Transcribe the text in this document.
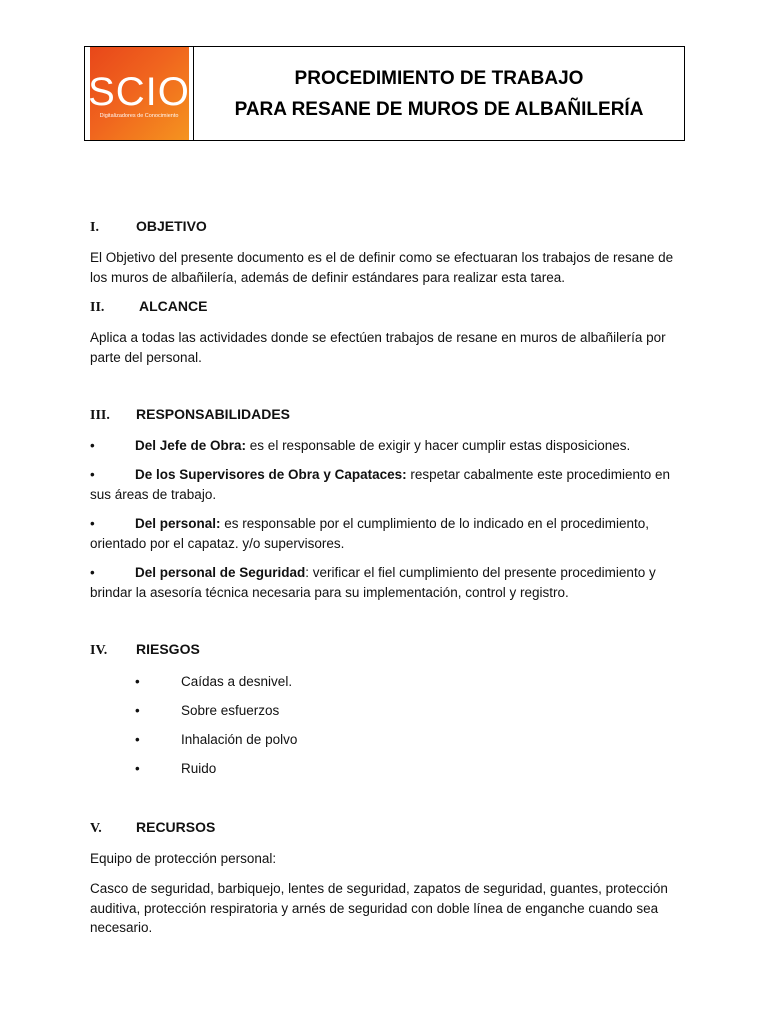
SCIO
Digitalizadores de Conocimiento
PROCEDIMIENTO DE TRABAJO
PARA RESANE DE MUROS DE ALBAÑILERÍA
I.	OBJETIVO
El Objetivo del presente documento es el de definir como se efectuaran los trabajos de resane de los muros de albañilería, además de definir estándares para realizar esta tarea.
II.	ALCANCE
Aplica a todas las actividades donde se efectúen trabajos de resane en muros de albañilería por parte del personal.
III.	RESPONSABILIDADES
•	Del Jefe de Obra: es el responsable de exigir y hacer cumplir estas disposiciones.
•	De los Supervisores de Obra y Capataces: respetar cabalmente este procedimiento en sus áreas de trabajo.
•	Del personal: es responsable por el cumplimiento de lo indicado en el procedimiento, orientado por el capataz. y/o supervisores.
•	Del personal de Seguridad: verificar el fiel cumplimiento del presente procedimiento y brindar la asesoría técnica necesaria para su implementación, control y registro.
IV.	RIESGOS
•	Caídas a desnivel.
•	Sobre esfuerzos
•	Inhalación de polvo
•	Ruido
V.	RECURSOS
Equipo de protección personal:
Casco de seguridad, barbiquejo, lentes de seguridad, zapatos de seguridad, guantes, protección auditiva, protección respiratoria y arnés de seguridad con doble línea de enganche cuando sea necesario.
